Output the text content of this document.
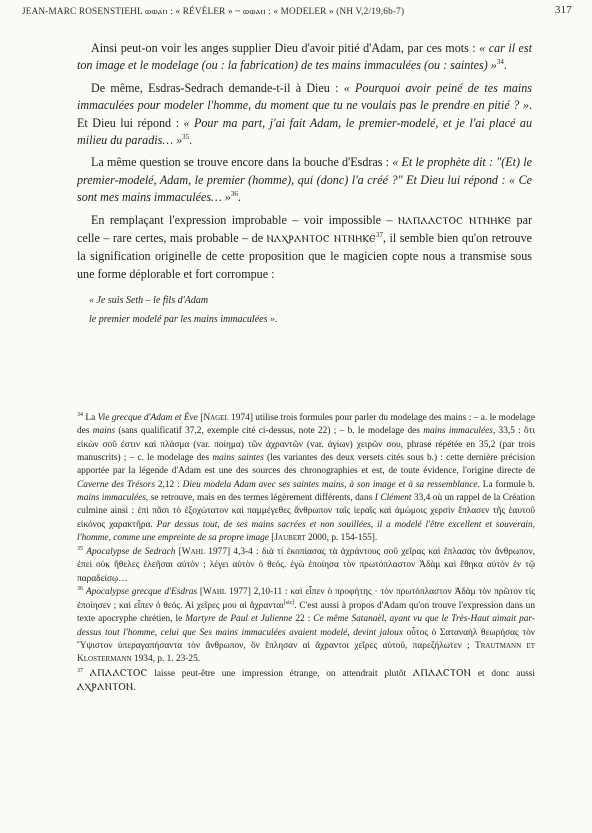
JEAN-MARC ROSENSTIEHL ⲱⲱⲁⲡ : « RÉVÉLER » ~ ⲱⲱⲁⲡ : « MODELER » (NH V,2/19,6b-7)	317

Ainsi peut-on voir les anges supplier Dieu d'avoir pitié d'Adam, par ces mots : « car il est ton image et le modelage (ou : la fabrication) de tes mains immaculées (ou : saintes) »$^{34}$.

De même, Esdras-Sedrach demande-t-il à Dieu : « Pourquoi avoir peiné de tes mains immaculées pour modeler l'homme, du moment que tu ne voulais pas le prendre en pitié ? ». Et Dieu lui répond : « Pour ma part, j'ai fait Adam, le premier-modelé, et je l'ai placé au milieu du paradis… »$^{35}$.

La même question se trouve encore dans la bouche d'Esdras : « Et le prophète dit : "(Et) le premier-modelé, Adam, le premier (homme), qui (donc) l'a créé ?" Et Dieu lui répond : « Ce sont mes mains immaculées… »$^{36}$.

En remplaçant l'expression improbable – voir impossible – ⲚⲀⲠⲀⲀⲤⲦⲞⲤ ⲚⲦⲚⲎⲔⲈ par celle – rare certes, mais probable – de ⲚⲀⲬⲢⲀⲚⲦⲞⲤ ⲚⲦⲚⲎⲔⲈ$^{37}$, il semble bien qu'on retrouve la signification originelle de cette proposition que le magicien copte nous a transmise sous une forme déplorable et fort corrompue :

« Je suis Seth – le fils d'Adam
le premier modelé par les mains immaculées ».

$^{34}$ La Vie grecque d'Adam et Ève [Nagel 1974] utilise trois formules pour parler du modelage des mains : – a. le modelage des mains (sans qualificatif 37,2, exemple cité ci-dessus, note 22) ; – b. le modelage des mains immaculées, 33,5 : ὅτι εἰκὼν σοῦ ἐστιν καὶ πλάσμα (var. ποίημα) τῶν ἀχραντῶν (var. ἁγίων) χειρῶν σου, phrase répétée en 35,2 (par trois manuscrits) ; – c. le modelage des mains saintes (les variantes des deux versets cités sous b.) : cette dernière précision apportée par la légende d'Adam est une des sources des chronographies et est, de toute évidence, l'origine directe de Caverne des Trésors 2,12 : Dieu modela Adam avec ses saintes mains, à son image et à sa ressemblance. La formule b. mains immaculées, se retrouve, mais en des termes légèrement différents, dans I Clément 33,4 où un rappel de la Création culmine ainsi : ἐπὶ πᾶσι τὸ ἐξοχώτατον καὶ παμμέγεθες ἄνθρωπον ταῖς ἱεραῖς καὶ ἀμώμοις χερσὶν ἔπλασεν τῆς ἑαυτοῦ εἰκόνος χαρακτῆρα. Par dessus tout, de ses mains sacrées et non souillées, il a modelé l'être excellent et souverain, l'homme, comme une empreinte de sa propre image [Jaubert 2000, p. 154-155].

$^{35}$ Apocalypse de Sedrach [Wahl 1977] 4,3-4 : διὰ τί ἐκοπίασας τὰ ἀχράντους σοῦ χεῖρας καὶ ἔπλασας τὸν ἄνθρωπον, ἐπεὶ οὐκ ἤθελες ἐλεῆσαι αὐτόν ; λέγει αὐτὸν ὁ θεός. ἐγὼ ἐποίησα τὸν πρωτόπλαστον Ἀδὰμ καὶ ἔθηκα αὐτὸν ἐν τῷ παραδείσῳ…

$^{36}$ Apocalypse grecque d'Esdras [Wahl 1977] 2,10-11 : καὶ εἶπεν ὁ προφήτης · τὸν πρωτόπλαστον Ἀδὰμ τὸν πρῶτον τίς ἐποίησεν ; καὶ εἶπεν ὁ θεός. Αἱ χεῖρες μου αἱ ἄχρανται[sic]. C'est aussi à propos d'Adam qu'on trouve l'expression dans un texte apocryphe chrétien, le Martyre de Paul et Julienne 22 : Ce même Satanaël, ayant vu que le Très-Haut aimait par-dessus tout l'homme, celui que Ses mains immaculées avaient modelé, devint jaloux οὗτος ὁ Σαταναὴλ θεωρήσας τὸν Ὕψιστον ὑπεραγαπήσαντα τὸν ἄνθρωπον, ὃν ἔπλησαν αἱ ἄχραντοι χεῖρες αὐτοῦ, παρεζήλωτεν ; Trautmann et Klostermann 1934, p. 1. 23-25.

$^{37}$ ⲀⲠⲀⲀⲤⲦⲞⲤ laisse peut-être une impression étrange, on attendrait plutôt ⲀⲠⲀⲀⲤⲦⲞⲚ et donc aussi ⲀⲬⲢⲀⲚⲦⲞⲚ.
